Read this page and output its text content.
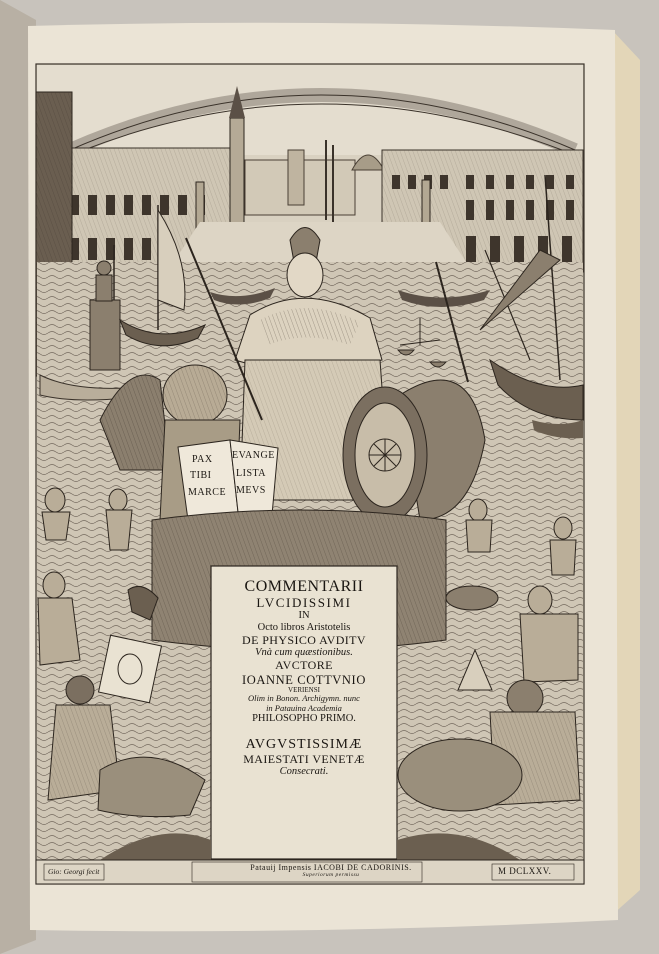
PAX EVANGE
TIBI LISTA
MARCE MEVS
COMMENTARII
LVCIDISSIMI
IN
Octo libros Aristotelis
DE PHYSICO AVDITV
Vnà cum quæstionibus.
AVCTORE
IOANNE COTTVNIO
VERIENSI
Olim in Bonon. Archigymn. nunc
in Patauina Academia
PHILOSOPHO PRIMO.
AVGVSTISSIMÆ
MAIESTATI VENETÆ
Consecrati.
Gio: Georgi fecit	Patauij Impensis IACOBI DE CADORINIS.
Superiorum permissu	M DCLXXV.
